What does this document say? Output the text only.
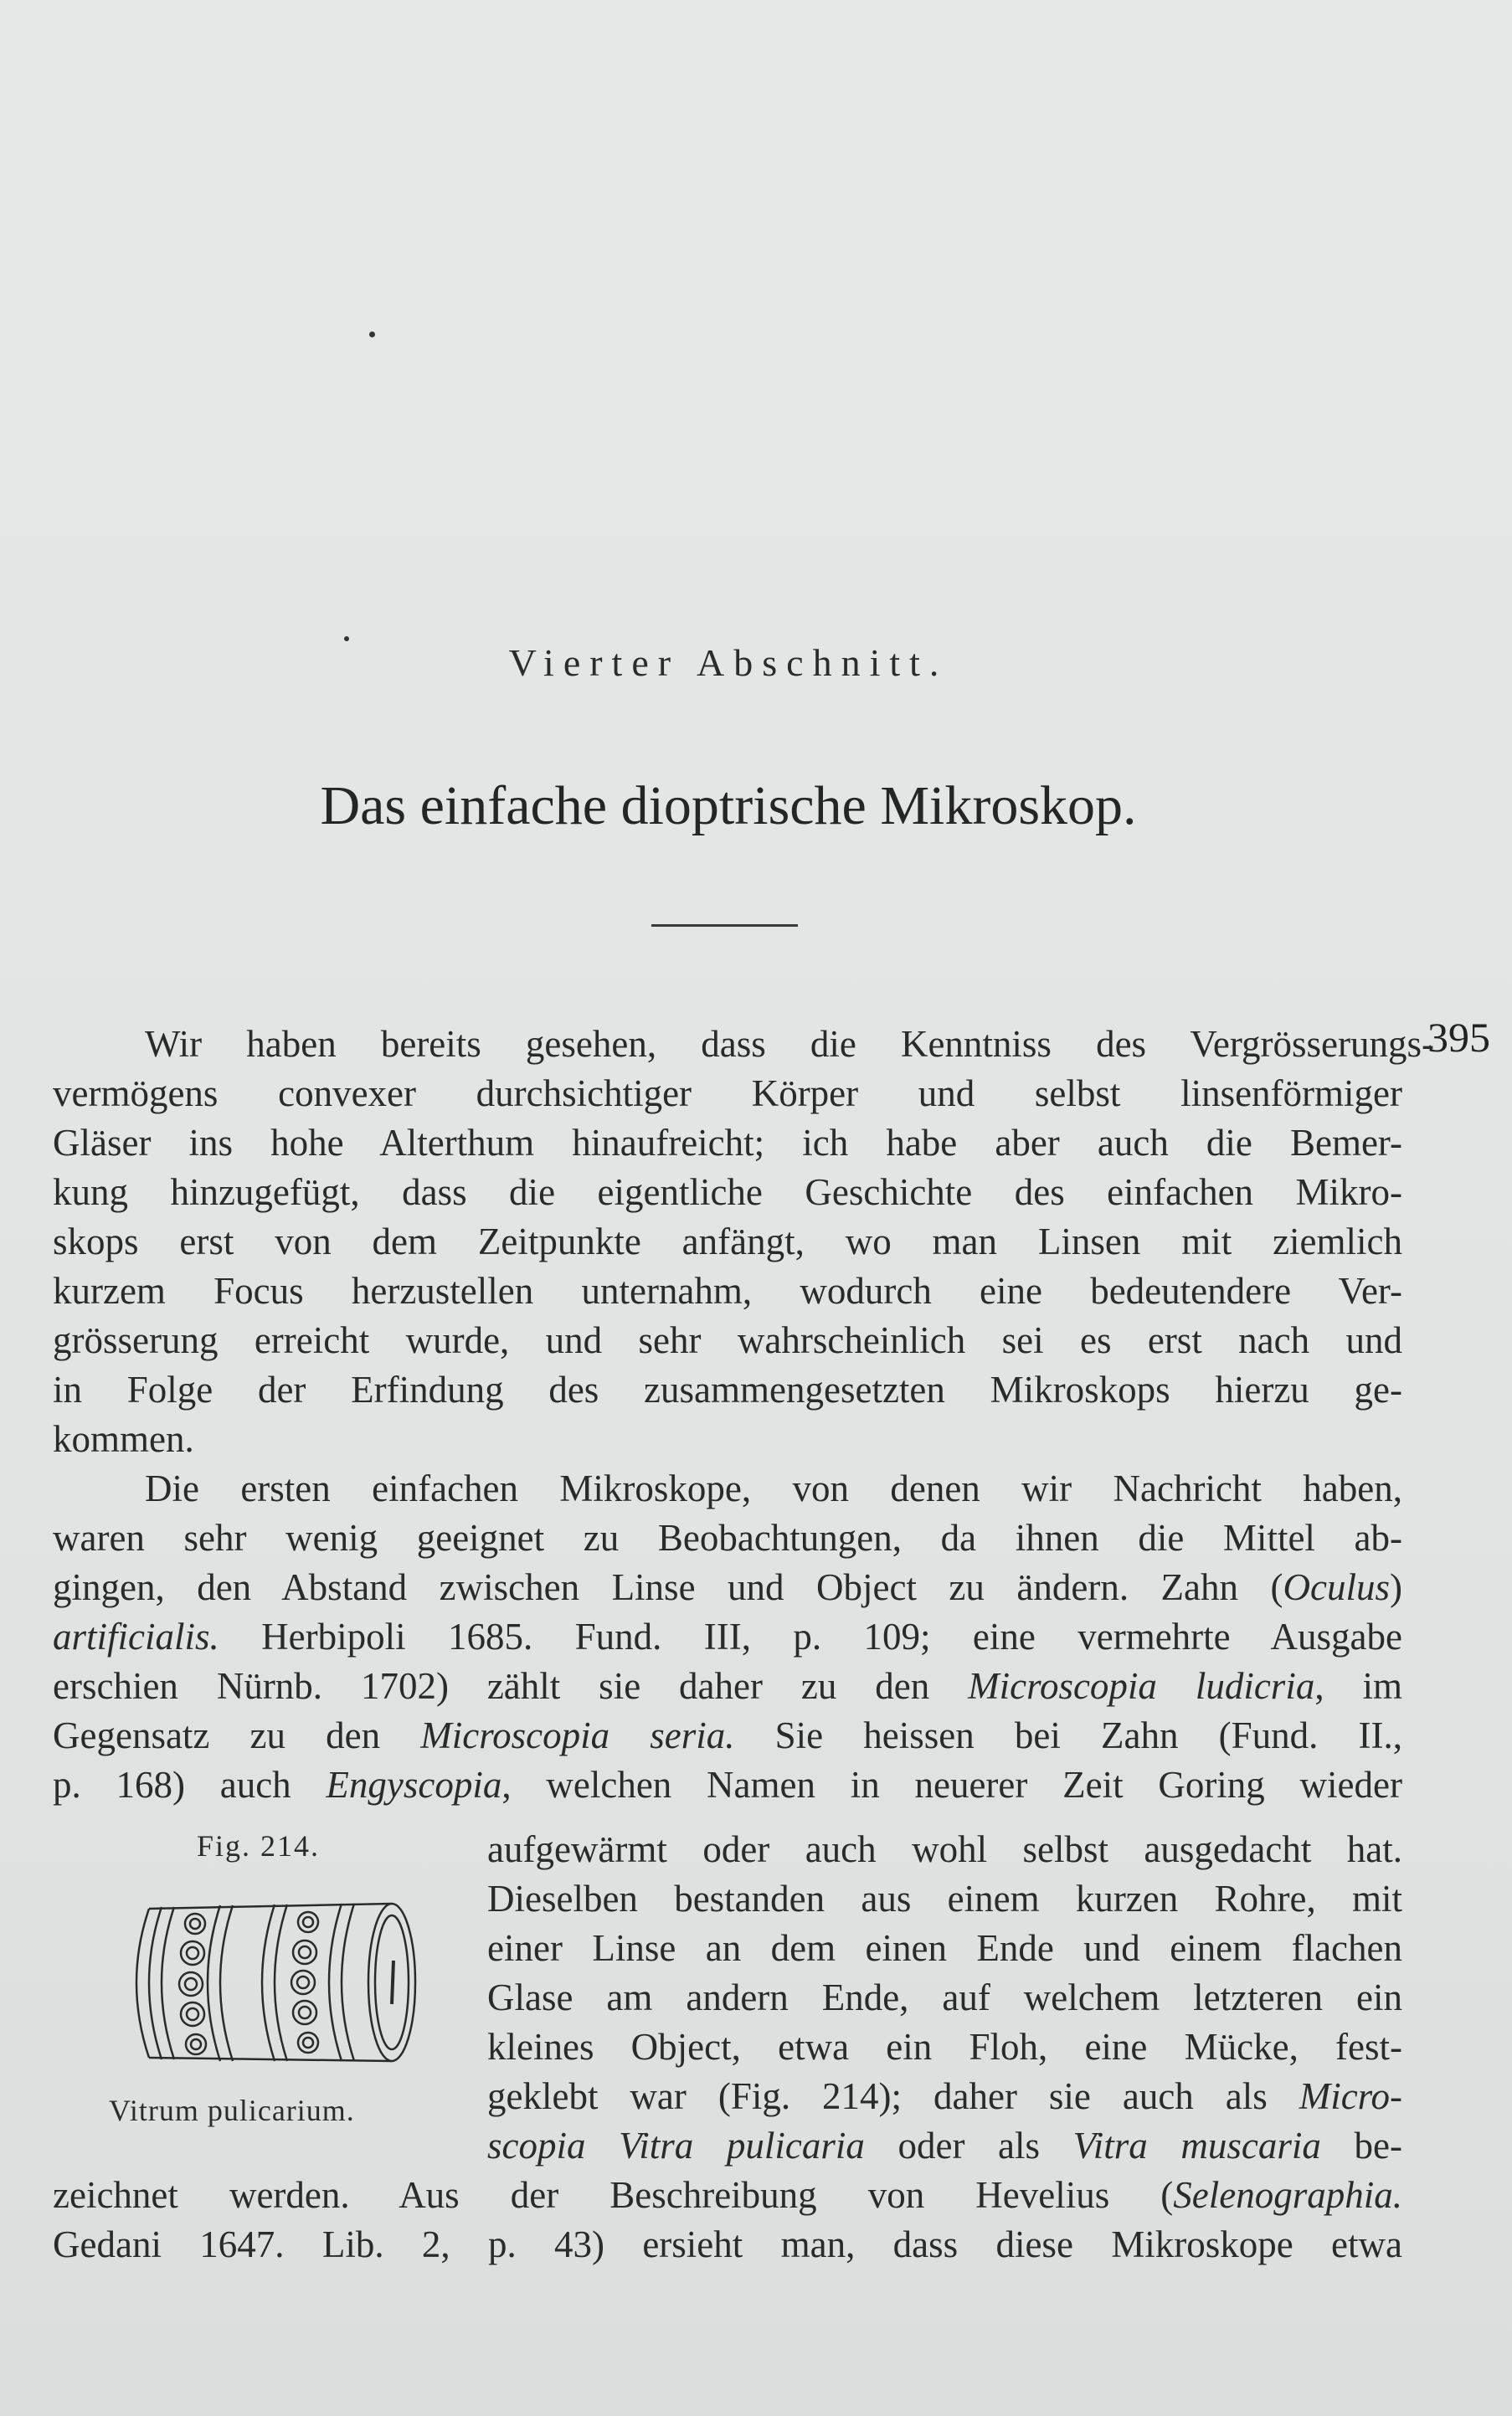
Vierter Abschnitt.
Das einfache dioptrische Mikroskop.
395
Wir haben bereits gesehen, dass die Kenntniss des Vergrösserungs-
vermögens convexer durchsichtiger Körper und selbst linsenförmiger
Gläser ins hohe Alterthum hinaufreicht; ich habe aber auch die Bemer-
kung hinzugefügt, dass die eigentliche Geschichte des einfachen Mikro-
skops erst von dem Zeitpunkte anfängt, wo man Linsen mit ziemlich
kurzem Focus herzustellen unternahm, wodurch eine bedeutendere Ver-
grösserung erreicht wurde, und sehr wahrscheinlich sei es erst nach und
in Folge der Erfindung des zusammengesetzten Mikroskops hierzu ge-
kommen.
Die ersten einfachen Mikroskope, von denen wir Nachricht haben,
waren sehr wenig geeignet zu Beobachtungen, da ihnen die Mittel ab-
gingen, den Abstand zwischen Linse und Object zu ändern. Zahn (Oculus)
artificialis. Herbipoli 1685. Fund. III, p. 109; eine vermehrte Ausgabe
erschien Nürnb. 1702) zählt sie daher zu den Microscopia ludicria, im
Gegensatz zu den Microscopia seria. Sie heissen bei Zahn (Fund. II.,
p. 168) auch Engyscopia, welchen Namen in neuerer Zeit Goring wieder
Fig. 214.
Vitrum pulicarium.
aufgewärmt oder auch wohl selbst ausgedacht hat.
Dieselben bestanden aus einem kurzen Rohre, mit
einer Linse an dem einen Ende und einem flachen
Glase am andern Ende, auf welchem letzteren ein
kleines Object, etwa ein Floh, eine Mücke, fest-
geklebt war (Fig. 214); daher sie auch als Micro-
scopia Vitra pulicaria oder als Vitra muscaria be-
zeichnet werden. Aus der Beschreibung von Hevelius (Selenographia.
Gedani 1647. Lib. 2, p. 43) ersieht man, dass diese Mikroskope etwa
